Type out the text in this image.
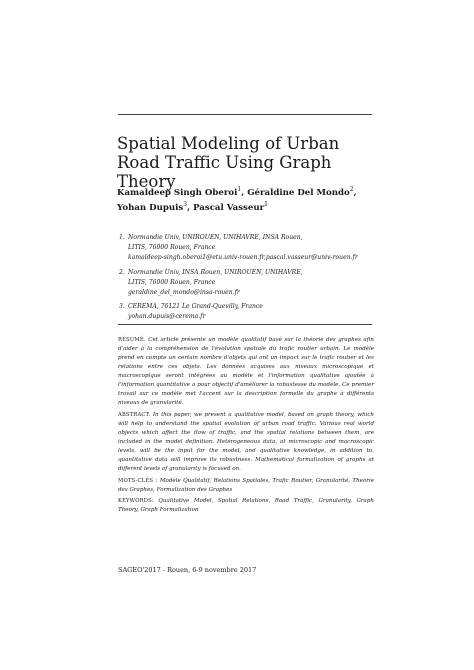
Spatial Modeling of Urban Road Traffic Using Graph Theory
Kamaldeep Singh Oberoi$^1$, Géraldine Del Mondo$^2$,
Yohan Dupuis$^3$, Pascal Vasseur$^1$
1. Normandie Univ, UNIROUEN, UNIHAVRE, INSA Rouen,
LITIS, 76000 Rouen, France
kamaldeep-singh.oberoi1@etu.univ-rouen.fr,pascal.vasseur@univ-rouen.fr
2. Normandie Univ, INSA Rouen, UNIROUEN, UNIHAVRE,
LITIS, 76000 Rouen, France
geraldine_del_mondo@insa-rouen.fr
3. CEREMA, 76121 Le Grand-Quevilly, France
yohan.dupuis@cerema.fr

RÉSUMÉ. Cet article présente un modèle qualitatif basé sur la théorie des graphes afin d'aider à la compréhension de l'évolution spatiale du trafic routier urbain. Le modèle prend en compte un certain nombre d'objets qui ont un impact sur le trafic routier et les relations entre ces objets. Les données acquises aux niveaux microscopique et macroscopique seront intégrées au modèle et l'information qualitative ajoutée à l'information quantitative a pour objectif d'améliorer la robustesse du modèle. Ce premier travail sur ce modèle met l'accent sur la description formelle du graphe à différents niveaux de granularité.

ABSTRACT. In this paper, we present a qualitative model, based on graph theory, which will help to understand the spatial evolution of urban road traffic. Various real world objects which affect the flow of traffic, and the spatial relations between them, are included in the model definition. Heterogeneous data, at microscopic and macroscopic levels, will be the input for the model, and qualitative knowledge, in addition to, quantitative data will improve its robustness. Mathematical formalization of graphs at different levels of granularity is focused on.

MOTS-CLÉS : Modèle Qualitatif, Relations Spatiales, Trafic Routier, Granularité, Theorie des Graphes, Formalization des Graphes

KEYWORDS: Qualitative Model, Spatial Relations, Road Traffic, Granularity, Graph Theory, Graph Formalization

SAGEO'2017 - Rouen, 6-9 novembre 2017
